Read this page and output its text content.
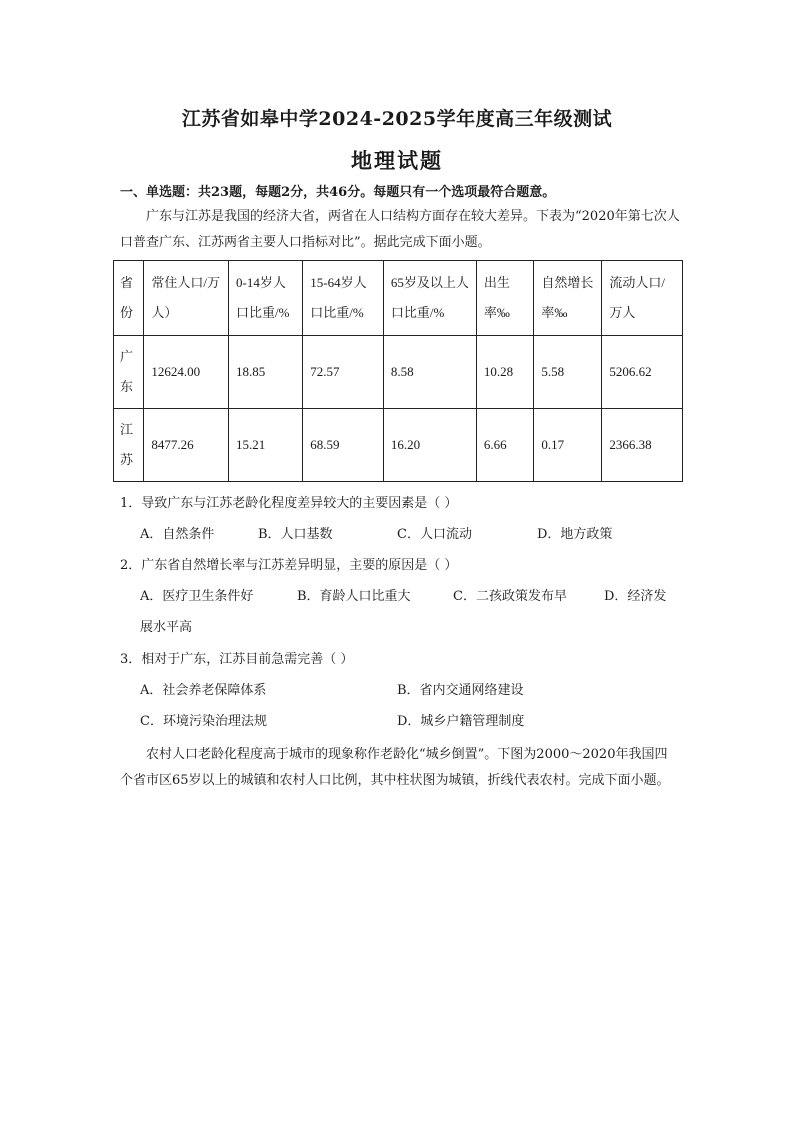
江苏省如皋中学2024-2025学年度高三年级测试
地理试题
一、单选题：共23题，每题2分，共46分。每题只有一个选项最符合题意。
广东与江苏是我国的经济大省，两省在人口结构方面存在较大差异。下表为“2020年第七次人口普查广东、江苏两省主要人口指标对比”。据此完成下面小题。
省份	常住人口/万人）	0-14岁人口比重/%	15-64岁人口比重/%	65岁及以上人口比重/%	出生率‰	自然增长率‰	流动人口/万人
广东	12624.00	18.85	72.57	8.58	10.28	5.58	5206.62
江苏	8477.26	15.21	68.59	16.20	6.66	0.17	2366.38
1．导致广东与江苏老龄化程度差异较大的主要因素是（ ）
A．自然条件	B．人口基数	C．人口流动	D．地方政策
2．广东省自然增长率与江苏差异明显，主要的原因是（ ）
A．医疗卫生条件好	B．育龄人口比重大	C．二孩政策发布早	D．经济发
展水平高
3．相对于广东，江苏目前急需完善（ ）
A．社会养老保障体系	B．省内交通网络建设
C．环境污染治理法规	D．城乡户籍管理制度
农村人口老龄化程度高于城市的现象称作老龄化“城乡倒置”。下图为2000～2020年我国四个省市区65岁以上的城镇和农村人口比例，其中柱状图为城镇，折线代表农村。完成下面小题。
